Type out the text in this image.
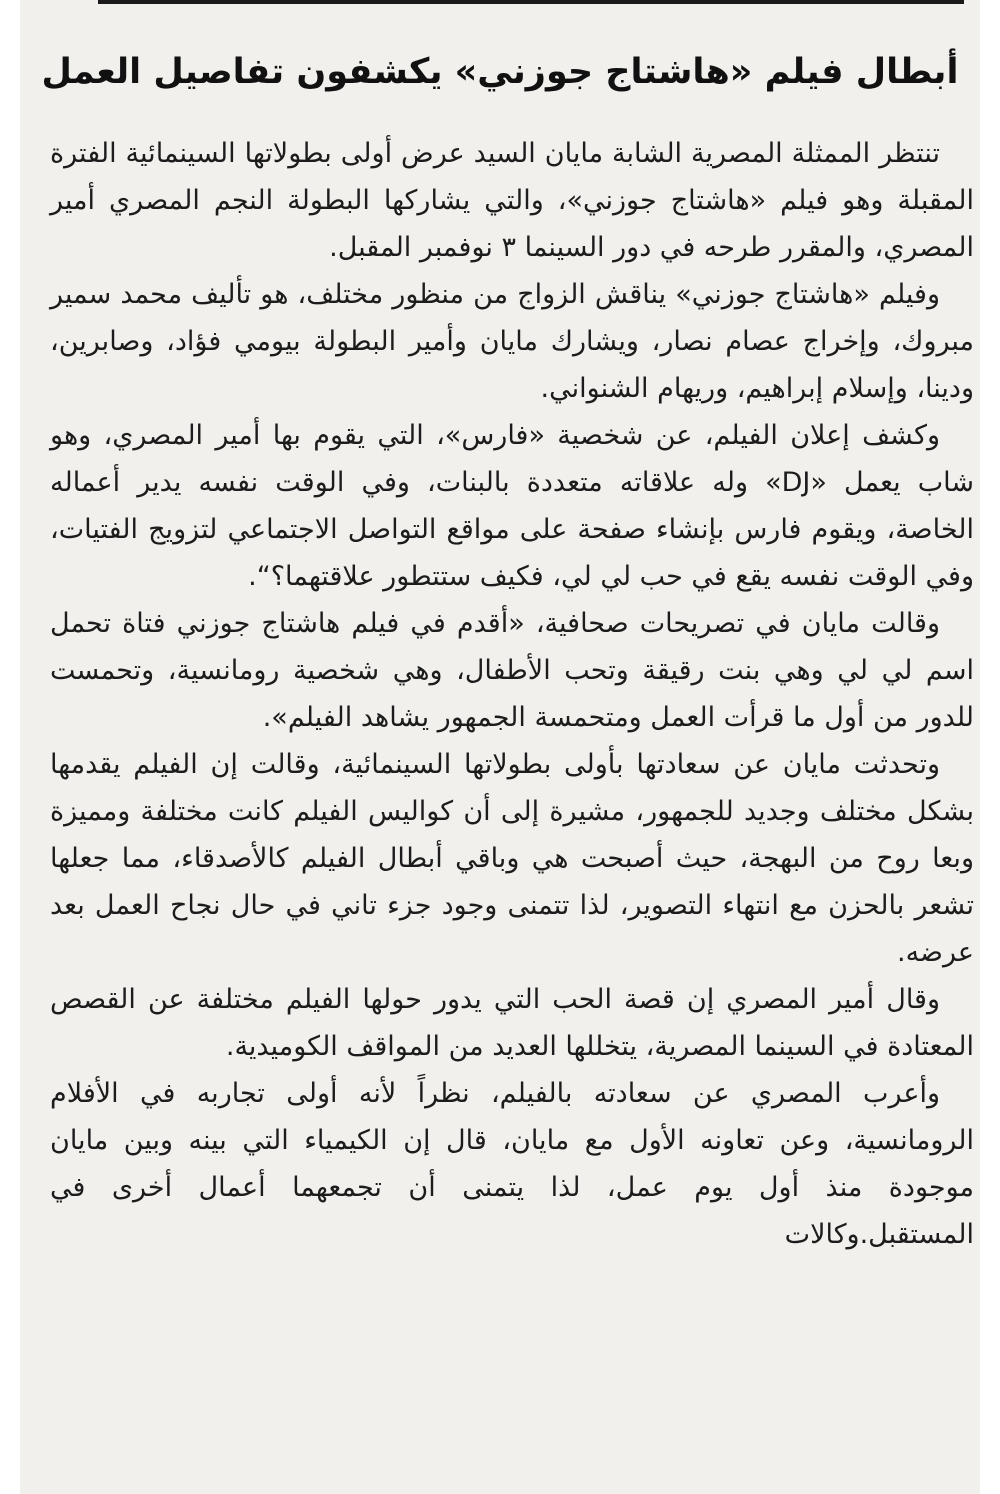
أبطال فيلم «هاشتاج جوزني» يكشفون تفاصيل العمل

تنتظر الممثلة المصرية الشابة مايان السيد عرض أولى بطولاتها السينمائية الفترة المقبلة وهو فيلم «هاشتاج جوزني»، والتي يشاركها البطولة النجم المصري أمير المصري، والمقرر طرحه في دور السينما ٣ نوفمبر المقبل.

وفيلم «هاشتاج جوزني» يناقش الزواج من منظور مختلف، هو تأليف محمد سمير مبروك، وإخراج عصام نصار، ويشارك مايان وأمير البطولة بيومي فؤاد، وصابرين، ودينا، وإسلام إبراهيم، وريهام الشنواني.

وكشف إعلان الفيلم، عن شخصية «فارس»، التي يقوم بها أمير المصري، وهو شاب يعمل «DJ» وله علاقاته متعددة بالبنات، وفي الوقت نفسه يدير أعماله الخاصة، ويقوم فارس بإنشاء صفحة على مواقع التواصل الاجتماعي لتزويج الفتيات، وفي الوقت نفسه يقع في حب لي لي، فكيف ستتطور علاقتهما؟“.

وقالت مايان في تصريحات صحافية، «أقدم في فيلم هاشتاج جوزني فتاة تحمل اسم لي لي وهي بنت رقيقة وتحب الأطفال، وهي شخصية رومانسية، وتحمست للدور من أول ما قرأت العمل ومتحمسة الجمهور يشاهد الفيلم».

وتحدثت مايان عن سعادتها بأولى بطولاتها السينمائية، وقالت إن الفيلم يقدمها بشكل مختلف وجديد للجمهور، مشيرة إلى أن كواليس الفيلم كانت مختلفة ومميزة وبعا روح من البهجة، حيث أصبحت هي وباقي أبطال الفيلم كالأصدقاء، مما جعلها تشعر بالحزن مع انتهاء التصوير، لذا تتمنى وجود جزء تاني في حال نجاح العمل بعد عرضه.

وقال أمير المصري إن قصة الحب التي يدور حولها الفيلم مختلفة عن القصص المعتادة في السينما المصرية، يتخللها العديد من المواقف الكوميدية.

وأعرب المصري عن سعادته بالفيلم، نظراً لأنه أولى تجاربه في الأفلام الرومانسية، وعن تعاونه الأول مع مايان، قال إن الكيمياء التي بينه وبين مايان موجودة منذ أول يوم عمل، لذا يتمنى أن تجمعهما أعمال أخرى في المستقبل.وكالات
